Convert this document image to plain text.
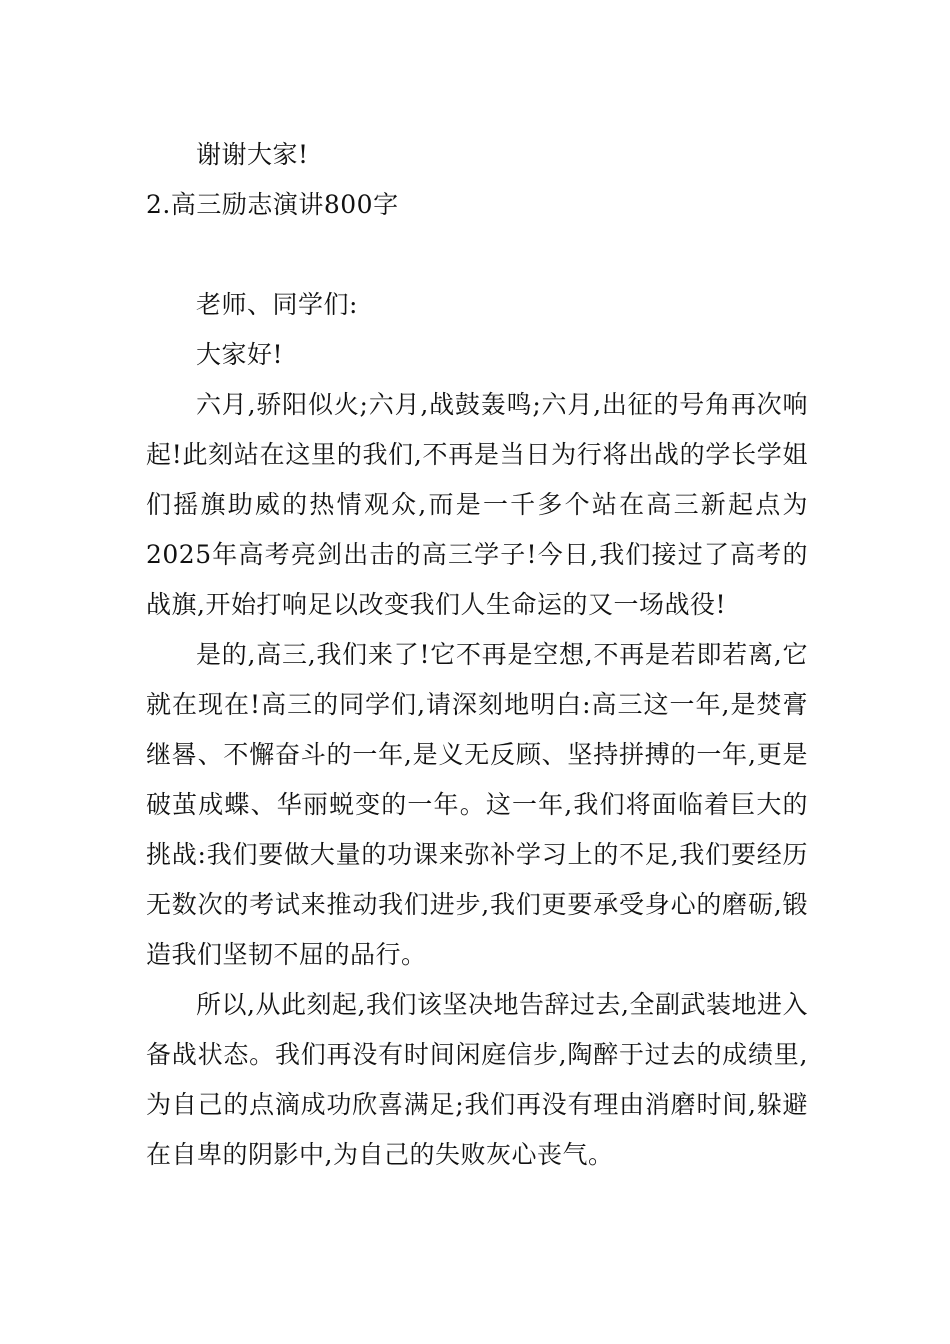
谢谢大家!

2.高三励志演讲800字

老师、同学们:

大家好!

六月,骄阳似火;六月,战鼓轰鸣;六月,出征的号角再次响起!此刻站在这里的我们,不再是当日为行将出战的学长学姐们摇旗助威的热情观众,而是一千多个站在高三新起点为2025年高考亮剑出击的高三学子!今日,我们接过了高考的战旗,开始打响足以改变我们人生命运的又一场战役!

是的,高三,我们来了!它不再是空想,不再是若即若离,它就在现在!高三的同学们,请深刻地明白:高三这一年,是焚膏继晷、不懈奋斗的一年,是义无反顾、坚持拼搏的一年,更是破茧成蝶、华丽蜕变的一年。这一年,我们将面临着巨大的挑战:我们要做大量的功课来弥补学习上的不足,我们要经历无数次的考试来推动我们进步,我们更要承受身心的磨砺,锻造我们坚韧不屈的品行。

所以,从此刻起,我们该坚决地告辞过去,全副武装地进入备战状态。我们再没有时间闲庭信步,陶醉于过去的成绩里,为自己的点滴成功欣喜满足;我们再没有理由消磨时间,躲避在自卑的阴影中,为自己的失败灰心丧气。
